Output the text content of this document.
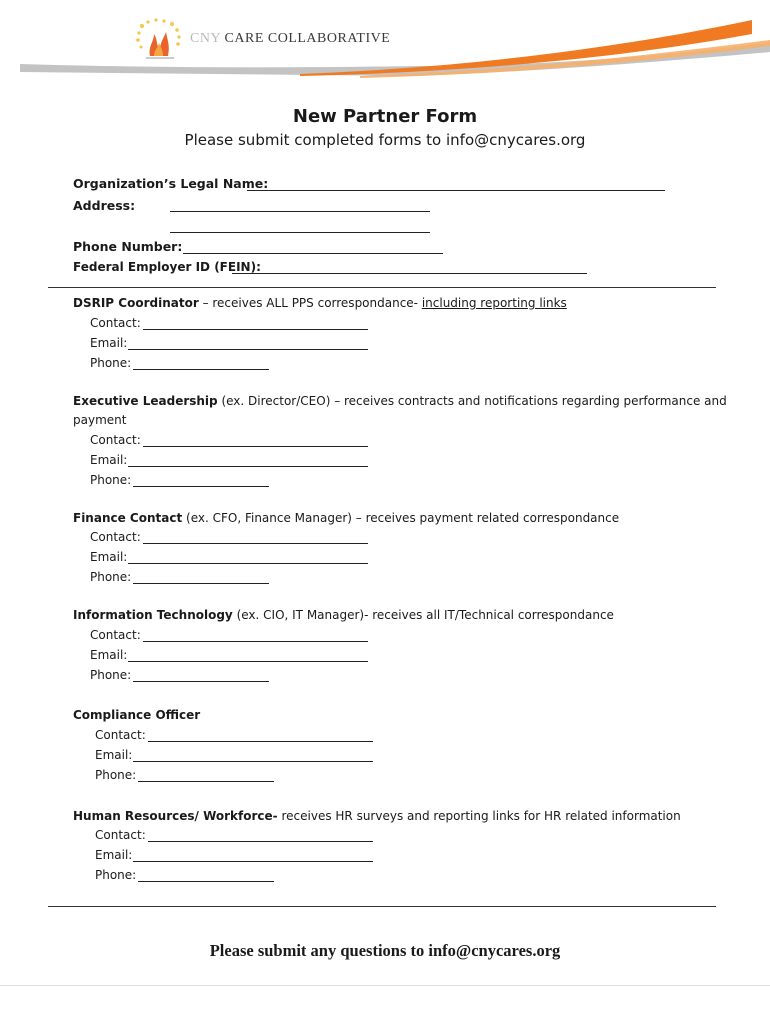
CNY CARE COLLABORATIVE
New Partner Form
Please submit completed forms to info@cnycares.org
Organization’s Legal Name:
Address:
Phone Number:
Federal Employer ID (FEIN):
DSRIP Coordinator – receives ALL PPS correspondance- including reporting links
Contact:
Email:
Phone:
Executive Leadership (ex. Director/CEO) – receives contracts and notifications regarding performance and
payment
Contact:
Email:
Phone:
Finance Contact (ex. CFO, Finance Manager) – receives payment related correspondance
Contact:
Email:
Phone:
Information Technology (ex. CIO, IT Manager)- receives all IT/Technical correspondance
Contact:
Email:
Phone:
Compliance Officer
Contact:
Email:
Phone:
Human Resources/ Workforce- receives HR surveys and reporting links for HR related information
Contact:
Email:
Phone:
Please submit any questions to info@cnycares.org
